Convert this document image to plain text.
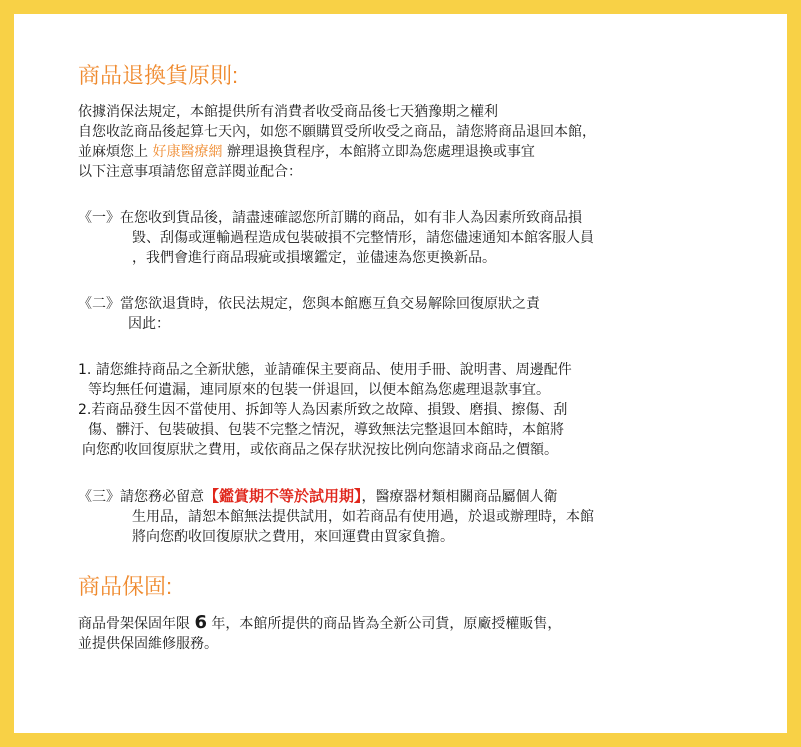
商品退換貨原則:
依據消保法規定，本館提供所有消費者收受商品後七天猶豫期之權利
自您收訖商品後起算七天內，如您不願購買受所收受之商品，請您將商品退回本館，
並麻煩您上 好康醫療網 辦理退換貨程序，本館將立即為您處理退換或事宜
以下注意事項請您留意詳閱並配合：
《一》在您收到貨品後，請盡速確認您所訂購的商品，如有非人為因素所致商品損
毀、刮傷或運輸過程造成包裝破損不完整情形，請您儘速通知本館客服人員
，我們會進行商品瑕疵或損壞鑑定，並儘速為您更換新品。
《二》當您欲退貨時，依民法規定，您與本館應互負交易解除回復原狀之責
因此：
1. 請您維持商品之全新狀態，並請確保主要商品、使用手冊、說明書、周邊配件
等均無任何遺漏，連同原來的包裝一併退回，以便本館為您處理退款事宜。
2.若商品發生因不當使用、拆卸等人為因素所致之故障、損毀、磨損、擦傷、刮
傷、髒汙、包裝破損、包裝不完整之情況，導致無法完整退回本館時，本館將
向您酌收回復原狀之費用，或依商品之保存狀況按比例向您請求商品之價額。
《三》請您務必留意【鑑賞期不等於試用期】，醫療器材類相關商品屬個人衛
生用品，請恕本館無法提供試用，如若商品有使用過，於退或辦理時，本館
將向您酌收回復原狀之費用，來回運費由買家負擔。
商品保固:
商品骨架保固年限 6 年，本館所提供的商品皆為全新公司貨，原廠授權販售，
並提供保固維修服務。
